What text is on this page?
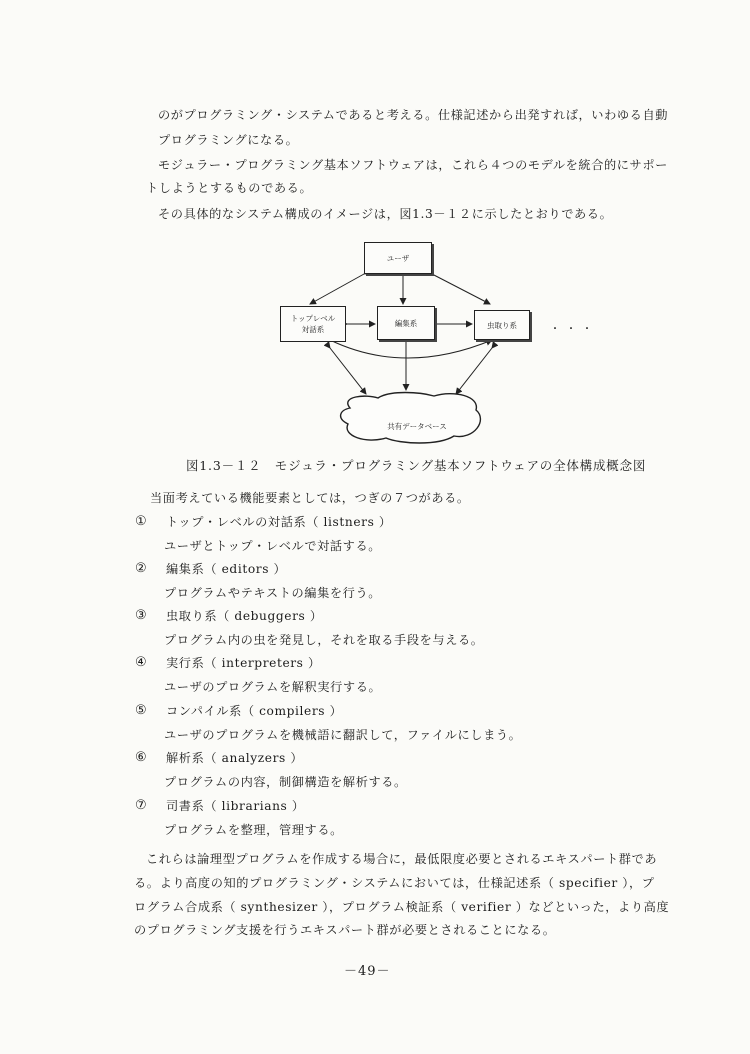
のがプログラミング・システムであると考える。仕様記述から出発すれば，いわゆる自動
プログラミングになる。
モジュラー・プログラミング基本ソフトウェアは，これら４つのモデルを統合的にサポー
トしようとするものである。
その具体的なシステム構成のイメージは，図1.3－１２に示したとおりである。
ユーザ
トップレベル
対話系
編集系	虫取り系	・・・
共有データベース
図1.3－１２　モジュラ・プログラミング基本ソフトウェアの全体構成概念図
当面考えている機能要素としては，つぎの７つがある。
① トップ・レベルの対話系（ listners ）
ユーザとトップ・レベルで対話する。
② 編集系（ editors ）
プログラムやテキストの編集を行う。
③ 虫取り系（ debuggers ）
プログラム内の虫を発見し，それを取る手段を与える。
④ 実行系（ interpreters ）
ユーザのプログラムを解釈実行する。
⑤ コンパイル系（ compilers ）
ユーザのプログラムを機械語に翻訳して，ファイルにしまう。
⑥ 解析系（ analyzers ）
プログラムの内容，制御構造を解析する。
⑦ 司書系（ librarians ）
プログラムを整理，管理する。
これらは論理型プログラムを作成する場合に，最低限度必要とされるエキスパート群であ
る。より高度の知的プログラミング・システムにおいては，仕様記述系（ specifier ），プ
ログラム合成系（ synthesizer ），プログラム検証系（ verifier ）などといった，より高度
のプログラミング支援を行うエキスパート群が必要とされることになる。
－49－
